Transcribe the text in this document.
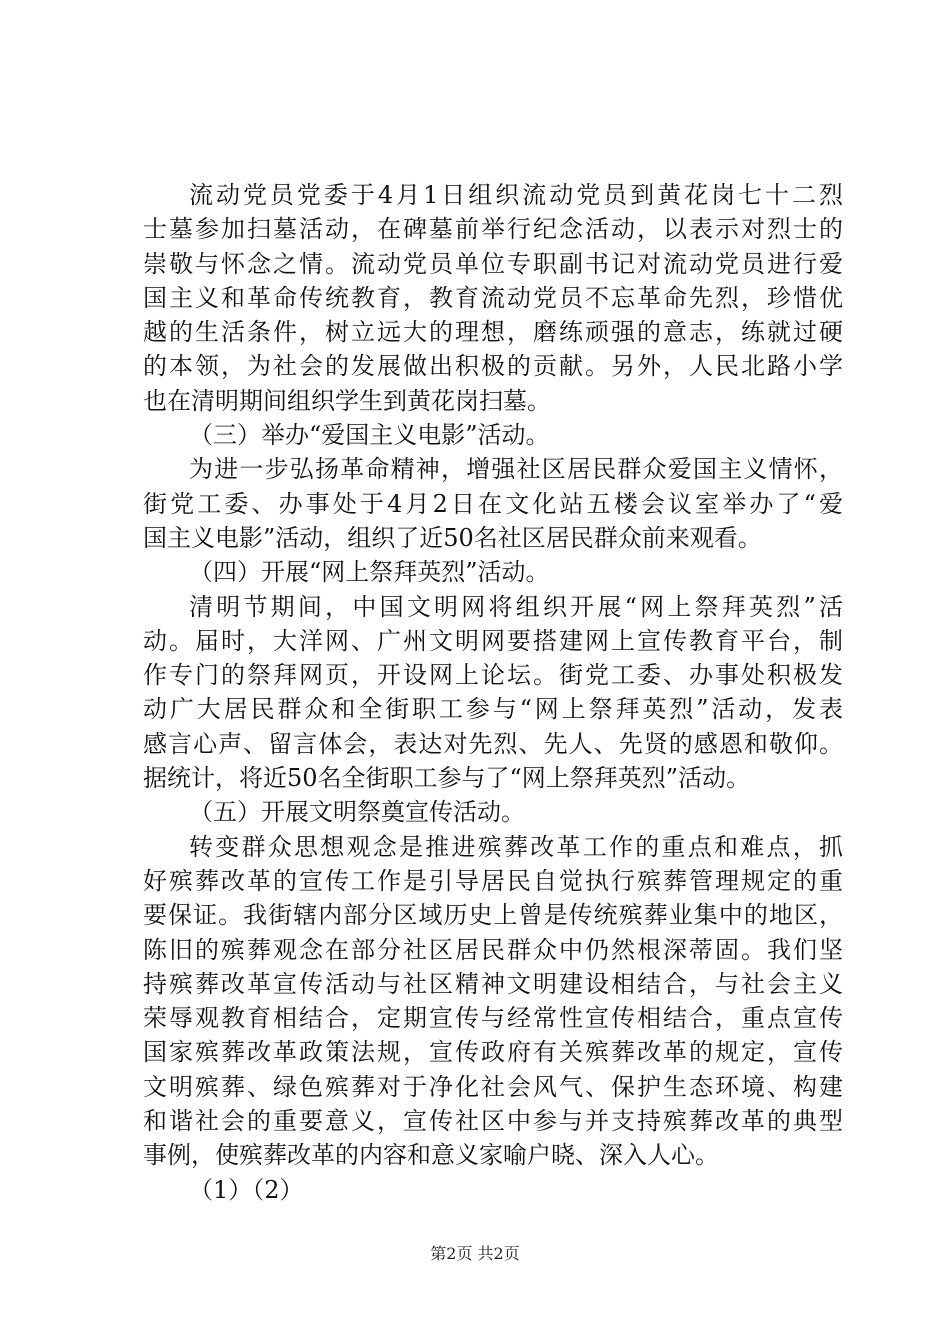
流动党员党委于4月1日组织流动党员到黄花岗七十二烈
士墓参加扫墓活动，在碑墓前举行纪念活动，以表示对烈士的
崇敬与怀念之情。流动党员单位专职副书记对流动党员进行爱
国主义和革命传统教育，教育流动党员不忘革命先烈，珍惜优
越的生活条件，树立远大的理想，磨练顽强的意志，练就过硬
的本领，为社会的发展做出积极的贡献。另外，人民北路小学
也在清明期间组织学生到黄花岗扫墓。
（三）举办“爱国主义电影”活动。
为进一步弘扬革命精神，增强社区居民群众爱国主义情怀，
街党工委、办事处于4月2日在文化站五楼会议室举办了“爱
国主义电影”活动，组织了近50名社区居民群众前来观看。
（四）开展“网上祭拜英烈”活动。
清明节期间，中国文明网将组织开展“网上祭拜英烈”活
动。届时，大洋网、广州文明网要搭建网上宣传教育平台，制
作专门的祭拜网页，开设网上论坛。街党工委、办事处积极发
动广大居民群众和全街职工参与“网上祭拜英烈”活动，发表
感言心声、留言体会，表达对先烈、先人、先贤的感恩和敬仰。
据统计，将近50名全街职工参与了“网上祭拜英烈”活动。
（五）开展文明祭奠宣传活动。
转变群众思想观念是推进殡葬改革工作的重点和难点，抓
好殡葬改革的宣传工作是引导居民自觉执行殡葬管理规定的重
要保证。我街辖内部分区域历史上曾是传统殡葬业集中的地区，
陈旧的殡葬观念在部分社区居民群众中仍然根深蒂固。我们坚
持殡葬改革宣传活动与社区精神文明建设相结合，与社会主义
荣辱观教育相结合，定期宣传与经常性宣传相结合，重点宣传
国家殡葬改革政策法规，宣传政府有关殡葬改革的规定，宣传
文明殡葬、绿色殡葬对于净化社会风气、保护生态环境、构建
和谐社会的重要意义，宣传社区中参与并支持殡葬改革的典型
事例，使殡葬改革的内容和意义家喻户晓、深入人心。
（1）（2）
第2页 共2页
